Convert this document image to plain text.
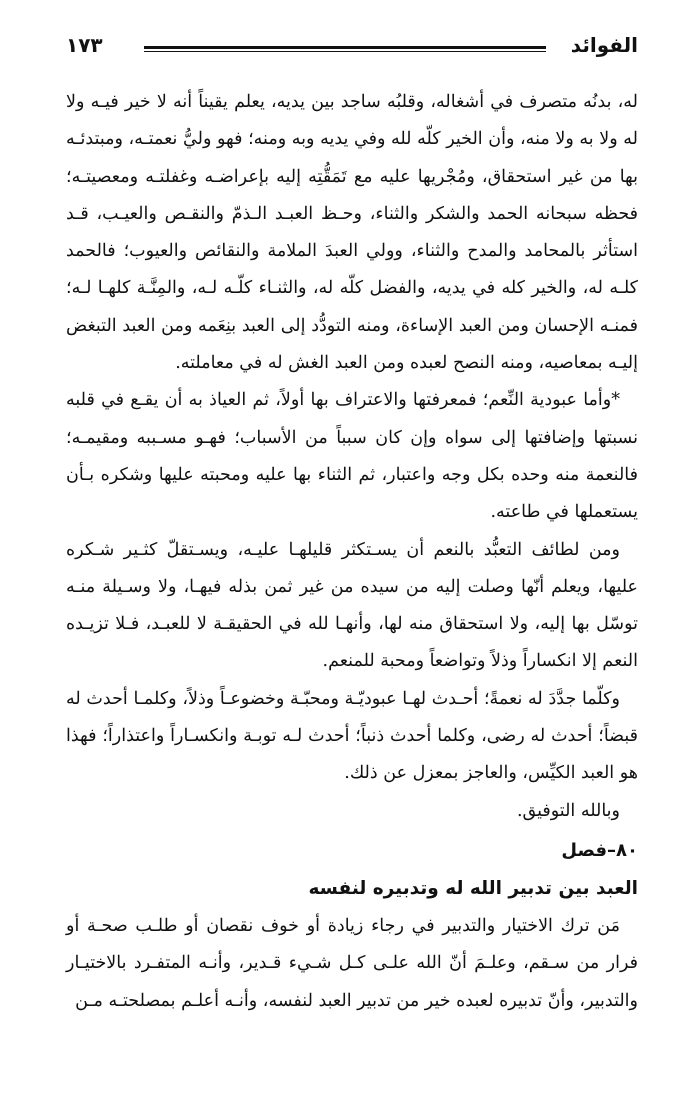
١٧٣	الفوائد

له، بدنُه متصرف في أشغاله، وقلبُه ساجد بين يديه، يعلم يقيناً أنه لا خير فيـه ولا له ولا به ولا منه، وأن الخير كلّه لله وفي يديه وبه ومنه؛ فهو وليُّ نعمتـه، ومبتدئـه بها من غير استحقاق، ومُجْريها عليه مع تَمَقُّتِه إليه بإعراضـه وغفلتـه ومعصيتـه؛ فحظه سبحانه الحمد والشكر والثناء، وحـظ العبـد الـذمّ والنقـص والعيـب، قـد استأثر بالمحامد والمدح والثناء، وولي العبدَ الملامة والنقائص والعيوب؛ فالحمد كلـه له، والخير كله في يديه، والفضل كلّه له، والثنـاء كلّـه لـه، والمِنَّـة كلهـا لـه؛ فمنـه الإحسان ومن العبد الإساءة، ومنه التودُّد إلى العبد بنِعَمه ومن العبد التبغض إليـه بمعاصيه، ومنه النصح لعبده ومن العبد الغش له في معاملته.

*وأما عبودية النِّعم؛ فمعرفتها والاعتراف بها أولاً، ثم العياذ به أن يقـع في قلبه نسبتها وإضافتها إلى سواه وإن كان سبباً من الأسباب؛ فهـو مسـببه ومقيمـه؛ فالنعمة منه وحده بكل وجه واعتبار، ثم الثناء بها عليه ومحبته عليها وشكره بـأن يستعملها في طاعته.

ومن لطائف التعبُّد بالنعم أن يسـتكثر قليلهـا عليـه، ويسـتقلّ كثـير شـكره عليها، ويعلم أنّها وصلت إليه من سيده من غير ثمن بذله فيهـا، ولا وسـيلة منـه توسّل بها إليه، ولا استحقاق منه لها، وأنهـا لله في الحقيقـة لا للعبـد، فـلا تزيـده النعم إلا انكساراً وذلاً وتواضعاً ومحبة للمنعم.

وكلّما جدَّدَ له نعمةً؛ أحـدث لهـا عبوديّـة ومحبّـة وخضوعـاً وذلاً، وكلمـا أحدث له قبضاً؛ أحدث له رضى، وكلما أحدث ذنباً؛ أحدث لـه توبـة وانكسـاراً واعتذاراً؛ فهذا هو العبد الكيِّس، والعاجز بمعزل عن ذلك.

وبالله التوفيق.

٨٠–فصل

العبد بين تدبير الله له وتدبيره لنفسه

مَن ترك الاختيار والتدبير في رجاء زيادة أو خوف نقصان أو طلـب صحـة أو فرار من سـقم، وعلـمَ أنّ الله علـى كـل شـيء قـدير، وأنـه المتفـرد بالاختيـار والتدبير، وأنّ تدبيره لعبده خير من تدبير العبد لنفسه، وأنـه أعلـم بمصلحتـه مـن
